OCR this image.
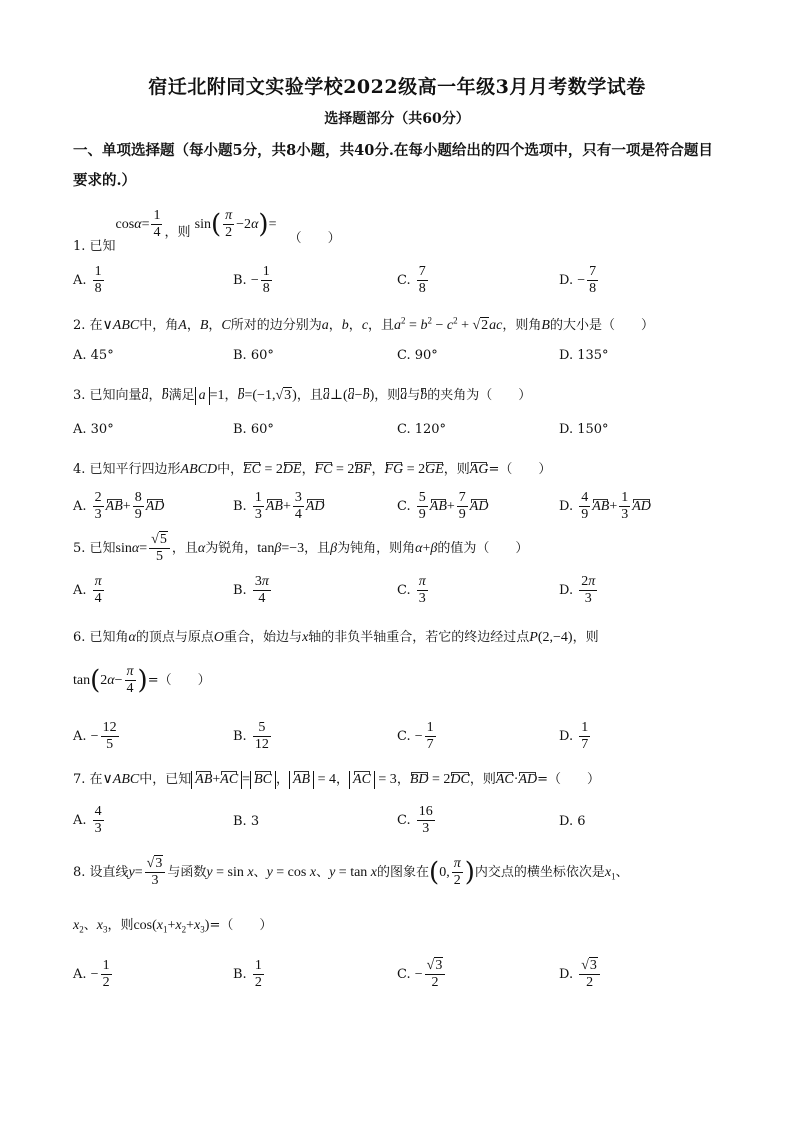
宿迁北附同文实验学校2022级高一年级3月月考数学试卷
选择题部分（共60分）
一、单项选择题（每小题5分，共8小题，共40分.在每小题给出的四个选项中，只有一项是符合题目要求的.）
1. 已知$\cos\alpha= \frac{1}{4}$ ，则 $\sin( \frac{\pi}{2} -2\alpha)=$ （　　）
A. $\frac{1}{8}$	B. − $\frac{1}{8}$	C. $\frac{7}{8}$	D. − $\frac{7}{8}$
2. 在∨ABC中，角A，B，C所对的边分别为a，b，c，且$a^2 = b^2 - c^2 + √2ac$，则角B的大小是（　　）
A. 45°	B. 60°	C. 90°	D. 135°
3. 已知向量a，b满足 a =1，b=(−1,√3)，且a⊥(a−b)，则a与b的夹角为（　　）
A. 30°	B. 60°	C. 120°	D. 150°
4. 已知平行四边形ABCD中，EC = 2DE，FC = 2BF，FG = 2GE，则AG=（　　）
A. $\frac{2}{3} AB+ \frac{8}{9}$ AD	B. $\frac{1}{3} AB+ \frac{3}{4}$ AD	C. $\frac{5}{9} AB+ \frac{7}{9}$ AD	D. $\frac{4}{9} AB+ \frac{1}{3}$ AD
5. 已知$\sin\alpha= \frac{√5}{5}$ ，且α为锐角，tanβ=−3，且β为钝角，则角α+β的值为（　　）
A. $\frac{\pi}{4}$	B. $\frac{3\pi}{4}$	C. $\frac{\pi}{3}$	D. $\frac{2\pi}{3}$
6. 已知角α的顶点与原点O重合，始边与x轴的非负半轴重合，若它的终边经过点P(2,−4)，则
$\tan(2\alpha- \frac{\pi}{4}$ )=（　　）
A. − $\frac{12}{5}$	B. $\frac{5}{12}$	C. − $\frac{1}{7}$	D. $\frac{1}{7}$
7. 在∨ABC中，已知 AB+AC = BC ， AB = 4， AC = 3，BD = 2DC，则AC·AD=（　　）
A. $\frac{4}{3}$	B. 3	C. $\frac{16}{3}$	D. 6
8. 设直线$y= \frac{√3}{3}$ 与函数y = sin x、y = cos x、y = tan x的图象在(0, $\frac{\pi}{2}$ )内交点的横坐标依次是$x_1$、
$x_2$、$x_3$，则$\cos(x_1+x_2+x_3)=$（　　）
A. − $\frac{1}{2}$	B. $\frac{1}{2}$	C. − $\frac{√3}{2}$	D. $\frac{√3}{2}$
